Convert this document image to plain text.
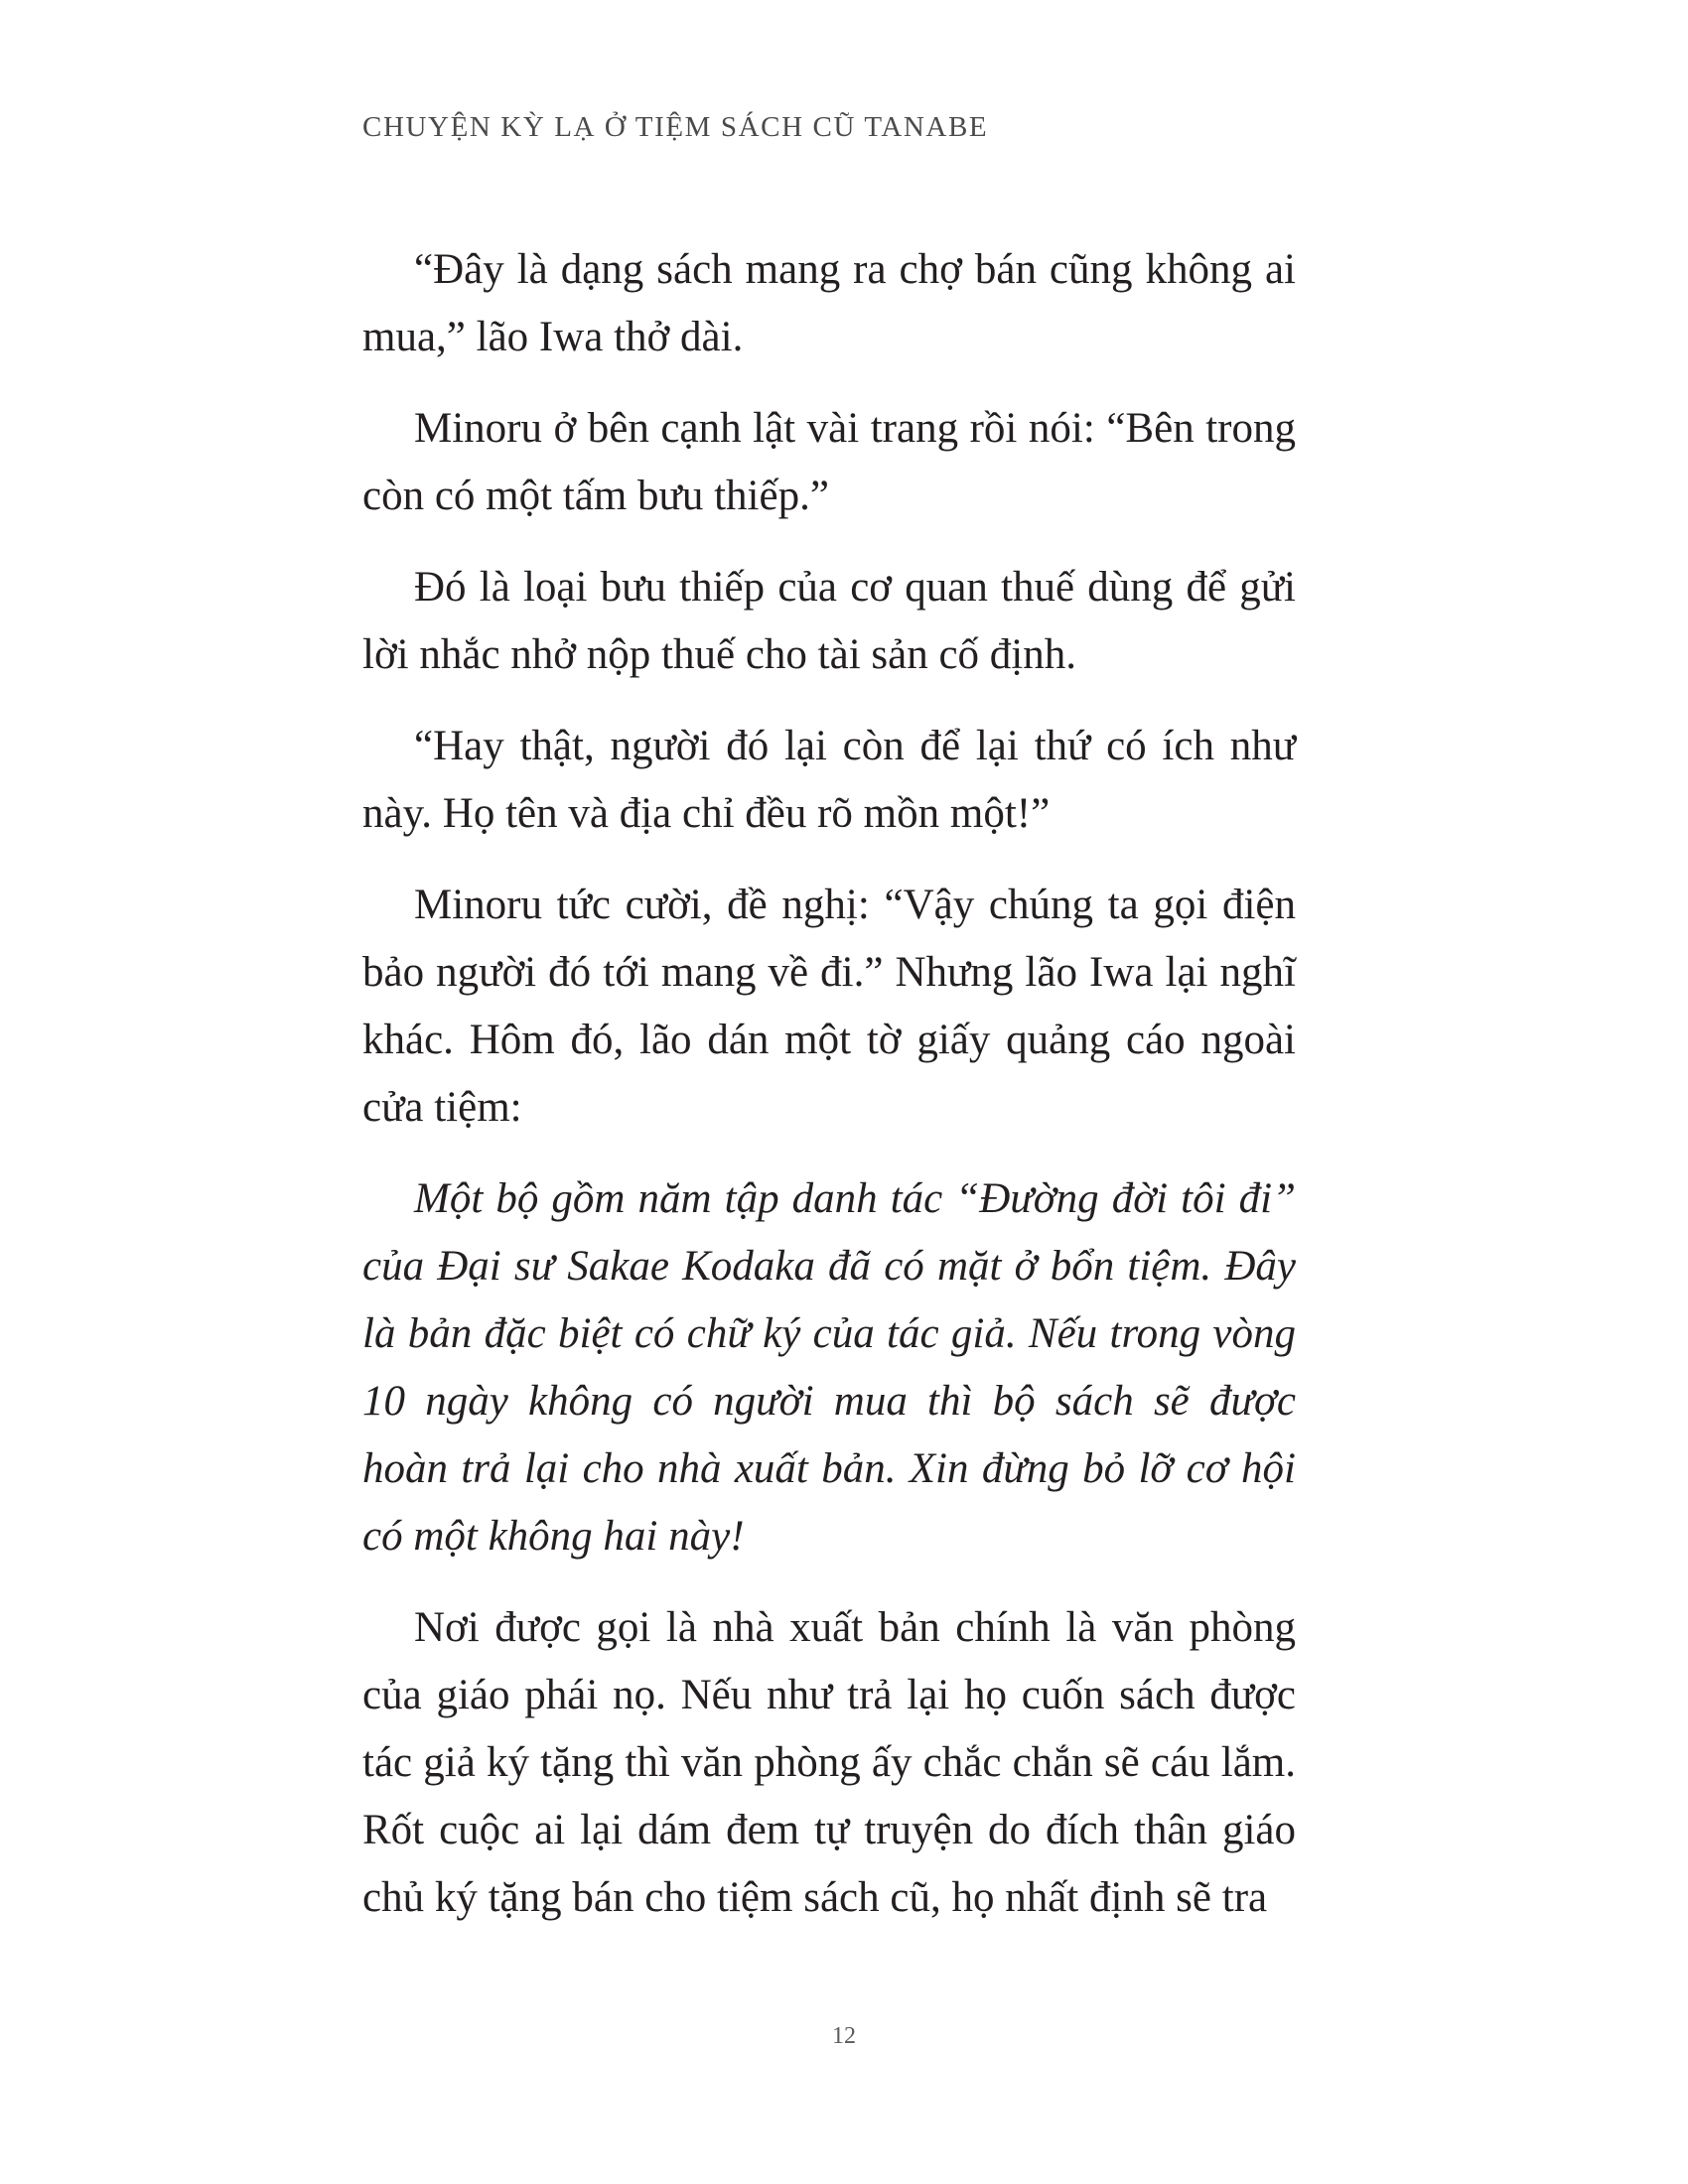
CHUYỆN KỲ LẠ Ở TIỆM SÁCH CŨ TANABE

“Đây là dạng sách mang ra chợ bán cũng không ai mua,” lão Iwa thở dài.

Minoru ở bên cạnh lật vài trang rồi nói: “Bên trong còn có một tấm bưu thiếp.”

Đó là loại bưu thiếp của cơ quan thuế dùng để gửi lời nhắc nhở nộp thuế cho tài sản cố định.

“Hay thật, người đó lại còn để lại thứ có ích như này. Họ tên và địa chỉ đều rõ mồn một!”

Minoru tức cười, đề nghị: “Vậy chúng ta gọi điện bảo người đó tới mang về đi.” Nhưng lão Iwa lại nghĩ khác. Hôm đó, lão dán một tờ giấy quảng cáo ngoài cửa tiệm:

Một bộ gồm năm tập danh tác “Đường đời tôi đi” của Đại sư Sakae Kodaka đã có mặt ở bổn tiệm. Đây là bản đặc biệt có chữ ký của tác giả. Nếu trong vòng 10 ngày không có người mua thì bộ sách sẽ được hoàn trả lại cho nhà xuất bản. Xin đừng bỏ lỡ cơ hội có một không hai này!

Nơi được gọi là nhà xuất bản chính là văn phòng của giáo phái nọ. Nếu như trả lại họ cuốn sách được tác giả ký tặng thì văn phòng ấy chắc chắn sẽ cáu lắm. Rốt cuộc ai lại dám đem tự truyện do đích thân giáo chủ ký tặng bán cho tiệm sách cũ, họ nhất định sẽ tra

12
